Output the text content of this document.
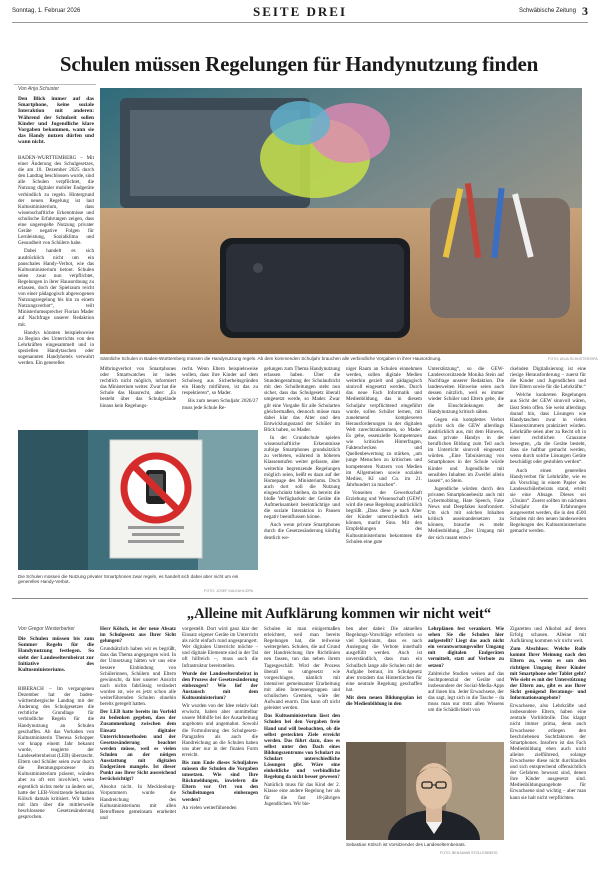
Sonntag, 1. Februar 2026	SEITE DREI	Schwäbische Zeitung 3
Schulen müssen Regelungen für Handynutzung finden
Von Anja Schuster
Den Blick immer auf das Smartphone, keine soziale Interaktion mit anderen: Während der Schulzeit sollen Kinder und Jugendliche klare Vorgaben bekommen, wann sie das Handy nutzen dürfen und wann nicht.

BADEN-WÜRTTEMBERG – Mit einer Änderung des Schulgesetzes, die am 10. Dezember 2025 durch den Landtag beschlossen wurde, sind alle Schulen verpflichtet, die Nutzung digitaler mobiler Endgeräte verbindlich zu regeln. Hintergrund der neuen Regelung ist laut Kultusministerium, dass wissenschaftliche Erkenntnisse und schulische Erfahrungen zeigen, dass eine ungeregelte Nutzung privater Geräte negative Folgen für Lernleistung, Sozialklima und Gesundheit von Schülern habe.

Dabei handelt es sich ausdrücklich nicht um ein pauschales Handy-Verbot, wie das Kultusministerium betont. Schulen seien zwar nun verpflichtet, Regelungen in ihrer Hausordnung zu erlassen, doch der Spielraum reicht von einer pädagogisch abgewogenen Nutzungsregelung bis hin zu einem Nutzungsverbot“, teilt Ministeriumssprecher Florian Mader auf Nachfrage unserer Redaktion mit.

Handys könnten beispielsweise zu Beginn des Unterrichts von den Lehrkräften eingesammelt und in speziellen Handytaschen oder sogenannten Handyhotels verwahrt werden. Ein generelles

Sämtliche Schulen in Baden-Württemberg müssen die Handynutzung regeln. Ab dem kommenden Schuljahr brauchen alle verbindliche Vorgaben in ihrer Hausordnung.	FOTO: ANJA SCHUSTER/DPA

Mitbringverbot von Smartphones oder Smartwatches ist indes rechtlich nicht möglich, informiert das Ministerium weiter. Zwar hat die Schule das Hausrecht, aber: „Es besteht über das Schulgelände hinaus kein Regelungs-

recht. Wenn Eltern beispielsweise wollen, dass ihre Kinder auf dem Schulweg aus Sicherheitsgründen ein Handy mitführen, ist das zu respektieren“, so Mader.

Bis zum neuen Schuljahr 2026/27 muss jede Schule Re-

gelungen zum Thema Handynutzung erlassen haben. Über die Stundengestaltung der Schulaufsicht mit den Schulleitungen steht nun sicher, dass das Schulgesetz überall umgesetzt werde, so Mader. Zwar gilt eine Vorgabe für alle Schularten gleichermaßen, dennoch müsse man dabei klar das Alter und den Entwicklungsstand der Schüler im Blick haben, so Mader.

In der Grundschule spielen wissenschaftliche Erkenntnisse zufolge Smartphones grundsätzlich zu verbieten, während in höheren Klassenstufen weiter gefasste, aber weiterhin begrenzende Regelungen möglich seien, heißt es dazu auf der Homepage des Ministeriums. Doch auch dort soll die Nutzung eingeschränkt bleiben, da bereits die bloße Verfügbarkeit der Geräte die Aufmerksamkeit beeinträchtige und die soziale Interaktion in Pausen negativ beeinflussen könne.

Auch wenn private Smartphones durch die Gesetzesänderung künftig deutlich we-

niger Raum an Schulen einnehmen werden, sollen digitale Medien weiterhin gezielt und pädagogisch sinnvoll eingesetzt werden. Durch das neue Fach Informatik und Medienbildung, das in diesem Schuljahr verpflichtend eingeführt wurde, sollen Schüler lernen, mit zunehmend komplexeren Herausforderungen in der digitalen Welt zurechtzukommen, so Mader. Es gehe, essenzielle Kompetenzen wie kritisches Hinterfragen, Faktenchecken und Quellenbewertung zu stärken, „um junge Menschen zu kritischen und kompetenten Nutzern von Medien im Allgemeinen sowie sozialen Medien, KI und Co. im 21. Jahrhundert zu machen“.

Vonseiten der Gewerkschaft Erziehung und Wissenschaft (GEW) wird die neue Regelung ausdrücklich begrüßt. „Dass diese je nach Alter der Kinder unterschiedlich sein können, macht Sinn. Mit den Empfehlungen des Kultusministeriums bekommen die Schulen eine gute

Unterstützung“, so die GEW-Landesvorsitzende Monika Stein auf Nachfrage unserer Redaktion. Die landesweiten Hinweise seien auch dessen nützlich, weil es immer wieder Schüler und Eltern gebe, die die Einschränkungen der Handynutzung kritisch sähen.

Gegen ein komplettes Verbot spricht sich die GEW allerdings ausdrücklich aus, mit dem Hinweis, dass private Handys in der beruflichen Bildung zum Teil auch im Unterricht sinnvoll eingesetzt würden. „Eine Tabuisierung von Smartphones in der Schule würde Kinder und Jugendliche mit sensiblen Inhalten im Zweifel allein lassen“, so Stein.

Jugendliche würden durch den privaten Smartphonebesitz auch mit Cybermobbing, Hate Speech, Fake News und Deepfakes konfrontiert. Um sich mit solchen Inhalten kritisch auseinandersetzen zu können, brauche es mehr Medienbildung. „Der Umgang mit der sich rasant entwi-

ckelnden Digitalisierung ist eine riesige Herausforderung – zuerst für die Kinder und Jugendlichen und ihre Eltern sowie für die Lehrkräfte.“

Welche konkreten Regelungen aus Sicht der GEW sinnvoll wären, lässt Stein offen. Sie weist allerdings darauf hin, dass Lösungen wie Handytaschen zwar in vielen Klassenzimmern praktiziert würden. Lehrkräfte seien aber zu Recht oft in einer rechtlichen Grauzone bewegten, „da die Geräte besteht, dass sie haftbar gemacht werden, wenn durch solche Lösungen Geräte beschädigt oder gestohlen werden“.

Auch einen generellen Handyverbot für Lehrkräfte, wie es als Vorschlag in einem Papier des Landesschülerbeirats stand, erteilt sie eine Absage. Dieses sei „Unsinn“. Zuerst sollten im nächsten Schuljahr die Erfahrungen ausgewertet werden, die in den 4500 Schulen mit den neuen landesweiten Regelungen des Kultusministeriums gemacht werden.

Die Schulen müssen die Nutzung privater Smartphones zwar regeln, es handelt sich dabei aber nicht um ein generelles Handy-Verbot.
FOTO: JOSEF KALKUHL/DPA
„Alleine mit Aufklärung kommen wir nicht weit“
Von Gregor Westerbarkei
Die Schulen müssen bis zum Sommer Regeln für die Handynutzung festlegen. So sieht der Landeselternbeirat zur Initiative des Kultusministeriums.

BIBERACH – Im vergangenen Dezember hat der baden-württembergische Landtag mit der Änderung des Schulgesetzes die rechtliche Grundlage für verbindliche Regeln für die Handynutzung an Schulen geschaffen. Ab das Vorhaben von Kultusministerin Theresa Schopper vor knapp einem Jahr bekannt wurde, reagierte der Landeselternbeirat (LEB) überrascht. Eltern und Schüler seien zwar durch die Beratungsprozesse im Kultusministerium präsent, wünden aber zu oft erst involviert, wenn eigentlich nichts mehr zu ändern sei, hatte der LEB-Vorsitzende Sebastian Kölsch damals kritisiert. Wir haben mit ihm über die mittlerweile beschlossene Gesetzesänderung gesprochen.

Herr Kölsch, ist der neue Absatz im Schulgesetz aus Ihrer Sicht gelungen?

Grundsätzlich haben wir es begrüßt, dass das Thema angegangen wird. In der Umsetzung hätten wir uns eine bessere Einbindung von Schülerinnen, Schülern und Eltern gewünscht, da hier unserer Ansicht nach nichts fahrlässig verändert worden ist, wie es jetzt schon alle weiterführenden Schulen ohnehin bereits geregelt hatten.

Der LEB hatte bereits im Vorfeld zu bedenken gegeben, dass der Zusammenhang zwischen dem Einsatz digitaler Unterrichtsmethoden und der Gesetzesänderung beachtet werden müsse, weil es vielen Schulen an der nötigen Ausstattung mit digitalen Endgeräten mangele. Ist dieser Punkt aus Ihrer Sicht ausreichend berücksichtigt?

Absolut nicht. In Mecklenburg-Vorpommern wurde die Handreichung des Kultusministeriums mit allen Betroffenen gemeinsam erarbeitet und

vorgestellt. Dort wird ganz klar der Einsatz eigener Geräte im Unterricht als nicht einfach rund angesprangert. Wer digitalen Unterricht möchte – und digitale Elemente sind in der Tat oft hilfreich –, muss auch die Infrastruktur bereitstellen.

Wurde der Landeselternbeirat in den Prozess der Gesetzesänderung einbezogen? Wie lief der Austausch mit dem Kultusministerium?

Wir wurden von der Idee relativ kalt erwischt, haben aber unmittelbar unsere Mithilfe bei der Ausarbeitung angeboten und angemahnt. Sowohl die Formulierung des Schulgesetz-Paragrafen als auch die Handreichung an die Schulen haben uns aber nur in der finalen Form erreicht.

Bis zum Ende dieses Schuljahres müssen die Schulen die Vorgaben umsetzen. Wie sind Ihre Rückmeldungen, inwiefern die Eltern vor Ort von den Schulleitungen einbezogen werden?

An vielen weiterführenden

Schulen ist man einigermaßen erleichtert, weil man bereits Regelungen hat, die teilweise weitergehen. Schulen, die auf Grund der Handreichung ihre Richtlinien neu fassen, tun das neben ihrem Tagesgeschäft. Wird der Prozess überall so umgesetzt wie vorgeschlagen, nämlich mit intensiver gemeinsamer Erarbeitung mit allen Interessengruppen und schulischen Gremien, wäre der Aufwand enorm. Das kann oft nicht geleistet werden.

Das Kultusministerium lässt den Schulen bei den Vorgaben freie Hand und will beobachten, ob die selbst gesteckten Ziele erreicht werden. Das führt dazu, dass es selbst unter den Dach eines Bildungszentrums von Schulart zu Schulart unterschiedliche Lösungen gibt. Wäre eine einheitliche und verbindliche Regelung da nicht besser gewesen?

Natürlich muss für das Kind der 2. Klasse eine andere Regelung her als für die fast 18-jährigen Jugendlichen. Wir bie-

ben aber dabei: Die aktuellen Regelungs-Vorschläge erfordern so viel Spielraum, dass es nach Auslegung die Verbote innerhalb ausgefüllt werden. Auch ist unverständlich, dass man ein Schulfach lange alle Schulen mit der Aufgabe betraut, im Schulgesetz aber trotzdem das Hintertürchen für eine neutrale Regelung geschaffen hat.

Mit dem neuen Bildungsplan ist die Medienbildung in den

Lehrplänen fest verankert. Wie sehen Sie die Schulen hier aufgestellt? Liegt das auch nicht ein verantwortungsvoller Umgang mit digitalen Endgeräten vermittelt, statt auf Verbote zu setzen?

Zahlreiche Studien weisen auf das Suchtpotenzial der Geräte und insbesondere der Social-Media-Apps auf ihnen hin. Jeder Erwachsene, der das sagt, legt sich in die Tasche – da muss man nur trotz allen Wissens um die Schädlichkeit von

Zigaretten und Alkohol auf deren Erfolg schauen. Alleine mit Aufklärung kommen wir nicht weit.

Zum Abschluss: Welche Rolle kommt Ihrer Meinung nach den Eltern zu, wenn es um den richtigen Umgang ihrer Kinder mit Smartphone oder Tablet geht? Wie sieht es mit der Unterstützung der Eltern aus, gibt es aus Ihrer Sicht genügend Beratungs- und Informationsangebote?

Erwachsene, also Lehrkräfte und insbesondere Eltern, haben eine zentrale Vorbildrolle. Das klappt nicht immer prima, denn auch Erwachsene erliegen den beschriebenen Suchtfaktoren der Smartphones. Insofern ist das Fach Medienbildung eben auch nicht alleine zielführend, solange Erwachsene diese nicht durchlaufen und sich entsprechend offensichtlich der Gefahren bewusst sind, denen ihre Kinder ausgesetzt sind. Medienbildungsangebote für Erwachsene sind wichtig – aber man kann sie halt nicht verpflichten.

Sebastian Kölsch ist Vorsitzender des Landeselternbeirats.
FOTO: BENJAMIN STOLLENBERG
